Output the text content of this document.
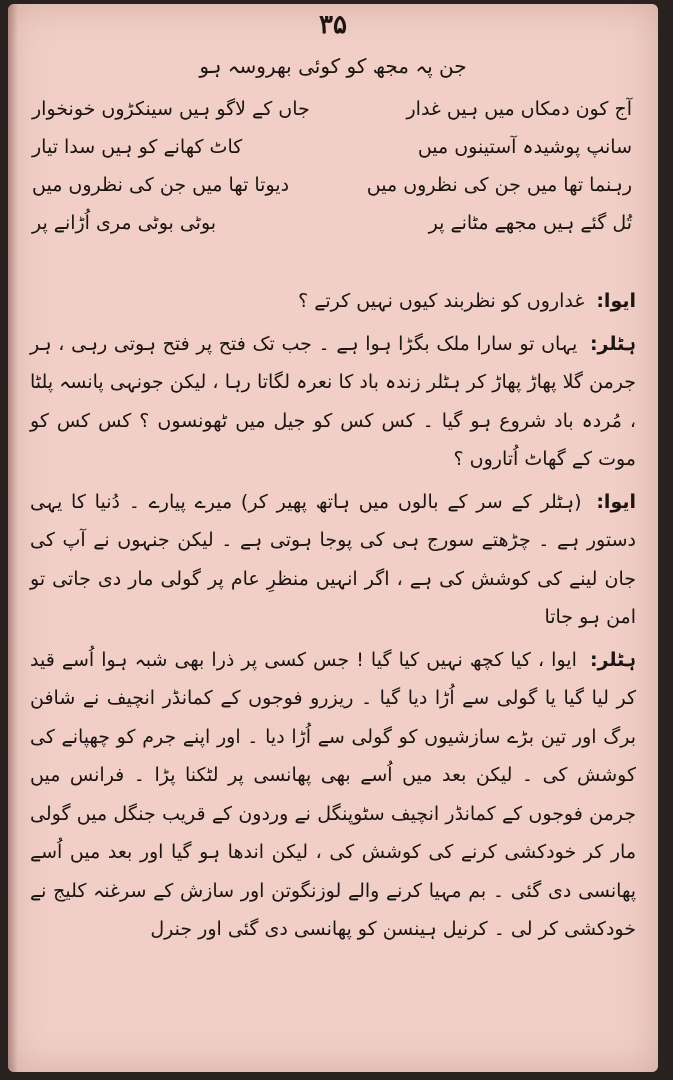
۳۵
جن پہ مجھ کو کوئی بھروسہ ہو
آج کون دمکاں میں ہیں غدار
جاں کے لاگو ہیں سینکڑوں خونخوار
سانپ پوشیدہ آستینوں میں
کاٹ کھانے کو ہیں سدا تیار
رہنما تھا میں جن کی نظروں میں
دیوتا تھا میں جن کی نظروں میں
تُل گئے ہیں مجھے مٹانے پر
بوٹی بوٹی مری اُڑانے پر

ایوا: غداروں کو نظربند کیوں نہیں کرتے ؟

ہٹلر: یہاں تو سارا ملک بگڑا ہوا ہے ۔ جب تک فتح پر فتح ہوتی رہی ، ہر جرمن گلا پھاڑ پھاڑ کر ہٹلر زندہ باد کا نعرہ لگاتا رہا ، لیکن جونہی پانسہ پلٹا ، مُردہ باد شروع ہو گیا ۔ کس کس کو جیل میں ٹھونسوں ؟ کس کس کو موت کے گھاٹ اُتاروں ؟

ایوا: (ہٹلر کے سر کے بالوں میں ہاتھ پھیر کر) میرے پیارے ۔ دُنیا کا یہی دستور ہے ۔ چڑھتے سورج ہی کی پوجا ہوتی ہے ۔ لیکن جنہوں نے آپ کی جان لینے کی کوشش کی ہے ، اگر انہیں منظرِ عام پر گولی مار دی جاتی تو امن ہو جاتا

ہٹلر: ایوا ، کیا کچھ نہیں کیا گیا ! جس کسی پر ذرا بھی شبہ ہوا اُسے قید کر لیا گیا یا گولی سے اُڑا دیا گیا ۔ ریزرو فوجوں کے کمانڈر انچیف نے شافن برگ اور تین بڑے سازشیوں کو گولی سے اُڑا دیا ۔ اور اپنے جرم کو چھپانے کی کوشش کی ۔ لیکن بعد میں اُسے بھی پھانسی پر لٹکنا پڑا ۔ فرانس میں جرمن فوجوں کے کمانڈر انچیف سٹوپنگل نے وردون کے قریب جنگل میں گولی مار کر خودکشی کرنے کی کوشش کی ، لیکن اندھا ہو گیا اور بعد میں اُسے پھانسی دی گئی ۔ بم مہیا کرنے والے لوزنگوتن اور سازش کے سرغنہ کلیج نے خودکشی کر لی ۔ کرنیل ہینسن کو پھانسی دی گئی اور جنرل
